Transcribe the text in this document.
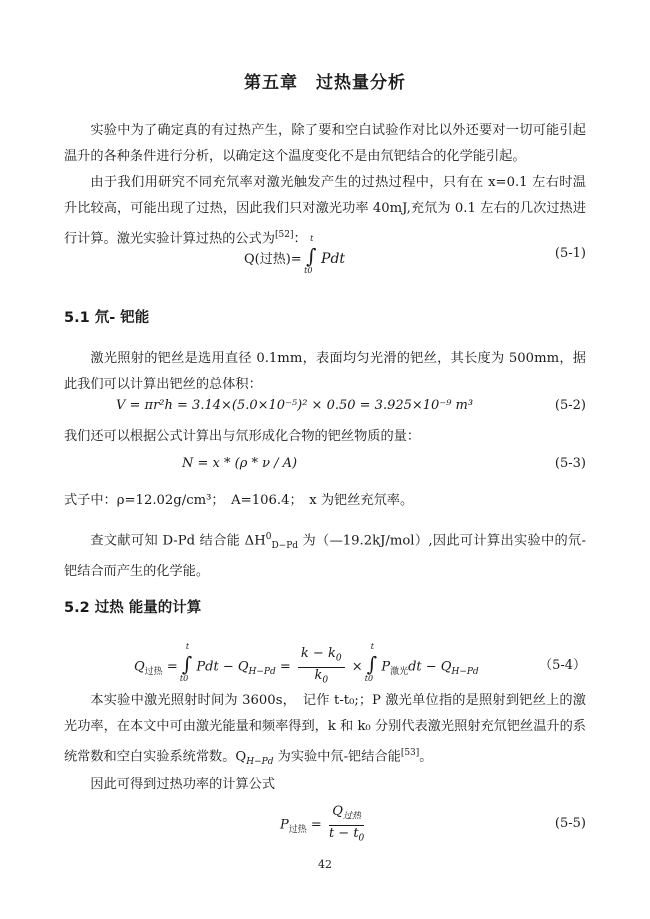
第五章　过热量分析
实验中为了确定真的有过热产生，除了要和空白试验作对比以外还要对一切可能引起温升的各种条件进行分析，以确定这个温度变化不是由氘钯结合的化学能引起。
由于我们用研究不同充氘率对激光触发产生的过热过程中，只有在 x=0.1 左右时温升比较高，可能出现了过热，因此我们只对激光功率 40mJ,充氘为 0.1 左右的几次过热进行计算。激光实验计算过热的公式为[52]：
Q(过热)= ∫
t
t0
Pdt	(5-1)
5.1 氘- 钯能
激光照射的钯丝是选用直径 0.1mm，表面均匀光滑的钯丝，其长度为 500mm，据此我们可以计算出钯丝的总体积：
V = πr²h = 3.14×(5.0×10⁻⁵)² × 0.50 = 3.925×10⁻⁹ m³	(5-2)
我们还可以根据公式计算出与氘形成化合物的钯丝物质的量：
N = x * (ρ * ν / A)	(5-3)
式子中：ρ=12.02g/cm³；　A=106.4；　x 为钯丝充氘率。
查文献可知 D-Pd 结合能 $\Delta H^0_{D-Pd}$ 为（—19.2kJ/mol）,因此可计算出实验中的氘-钯结合而产生的化学能。
5.2 过热 能量的计算
$Q_{过热}$ = ∫
t
t0
Pdt − $Q_{H-Pd} = \frac{k - k_0}{k_0}$ × ∫
t
t0
$P_{激光}dt - Q_{H-Pd}$	（5-4）
本实验中激光照射时间为 3600s，　记作 t-t₀;；P 激光单位指的是照射到钯丝上的激光功率，在本文中可由激光能量和频率得到，k 和 k₀ 分别代表激光照射充氘钯丝温升的系统常数和空白实验系统常数。$Q_{H-Pd}$ 为实验中氘-钯结合能[53]。
因此可得到过热功率的计算公式
$P_{过热} = \frac{Q_{过热}}{t - t_0}$	(5-5)
42
